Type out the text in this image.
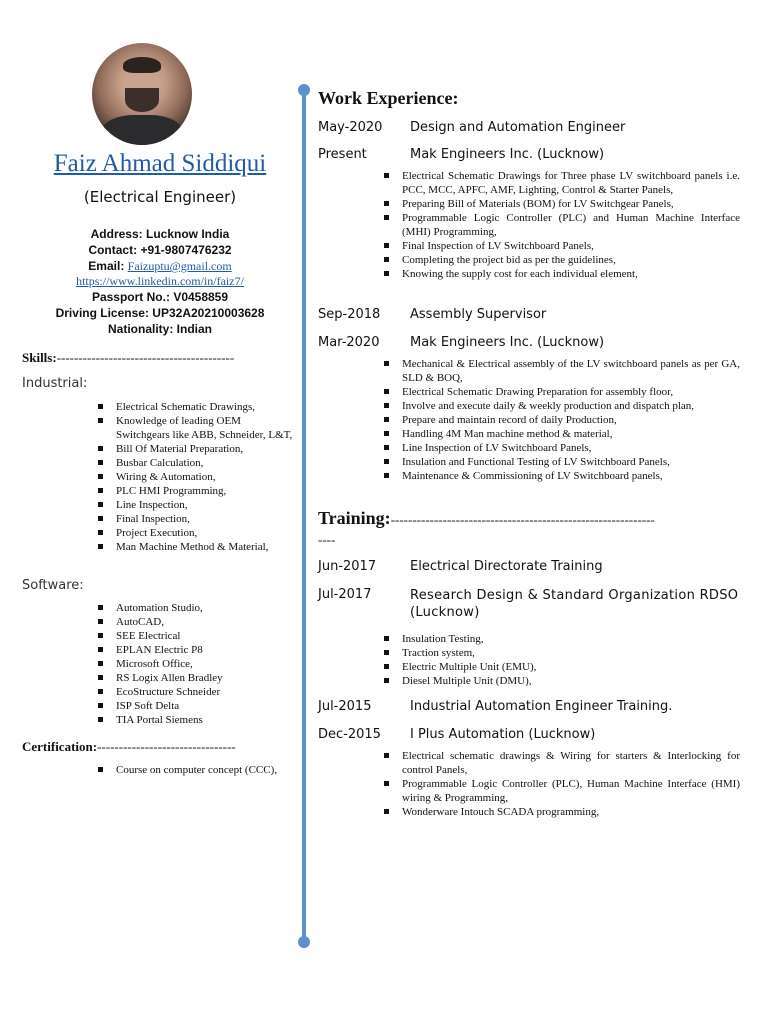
Faiz Ahmad Siddiqui
(Electrical Engineer)
Address: Lucknow India
Contact: +91-9807476232
Email: Faizuptu@gmail.com
https://www.linkedin.com/in/faiz7/
Passport No.: V0458859
Driving License: UP32A20210003628
Nationality: Indian
Skills:-----------------------------------------
Industrial:
Electrical Schematic Drawings,
Knowledge of leading OEM Switchgears like ABB, Schneider, L&T,
Bill Of Material Preparation,
Busbar Calculation,
Wiring & Automation,
PLC HMI Programming,
Line Inspection,
Final Inspection,
Project Execution,
Man Machine Method & Material,
Software:
Automation Studio,
AutoCAD,
SEE Electrical
EPLAN Electric P8
Microsoft Office,
RS Logix Allen Bradley
EcoStructure Schneider
ISP Soft Delta
TIA Portal Siemens
Certification:--------------------------------
Course on computer concept (CCC),
Work Experience:
May-2020 Design and Automation Engineer
Present	Mak Engineers Inc. (Lucknow)
Electrical Schematic Drawings for Three phase LV switchboard panels i.e. PCC, MCC, APFC, AMF, Lighting, Control & Starter Panels,
Preparing Bill of Materials (BOM) for LV Switchgear Panels,
Programmable Logic Controller (PLC) and Human Machine Interface (MHI) Programming,
Final Inspection of LV Switchboard Panels,
Completing the project bid as per the guidelines,
Knowing the supply cost for each individual element,
Sep-2018 Assembly Supervisor
Mar-2020 Mak Engineers Inc. (Lucknow)
Mechanical & Electrical assembly of the LV switchboard panels as per GA, SLD & BOQ,
Electrical Schematic Drawing Preparation for assembly floor,
Involve and execute daily & weekly production and dispatch plan,
Prepare and maintain record of daily Production,
Handling 4M Man machine method & material,
Line Inspection of LV Switchboard Panels,
Insulation and Functional Testing of LV Switchboard Panels,
Maintenance & Commissioning of LV Switchboard panels,
Training:-------------------------------------------------------------
----
Jun-2017	Electrical Directorate Training
Jul-2017	Research Design & Standard Organization RDSO (Lucknow)
Insulation Testing,
Traction system,
Electric Multiple Unit (EMU),
Diesel Multiple Unit (DMU),
Jul-2015	Industrial Automation Engineer Training.
Dec-2015 I Plus Automation (Lucknow)
Electrical schematic drawings & Wiring for starters & Interlocking for control Panels,
Programmable Logic Controller (PLC), Human Machine Interface (HMI) wiring & Programming,
Wonderware Intouch SCADA programming,
